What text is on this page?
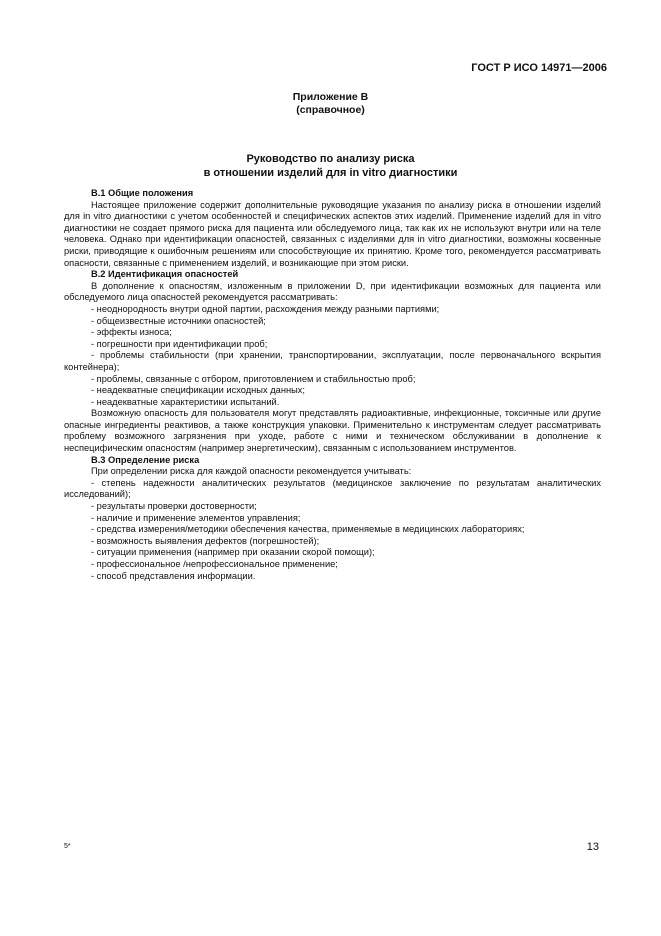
ГОСТ Р ИСО 14971—2006
Приложение B
(справочное)
Руководство по анализу риска
в отношении изделий для in vitro диагностики

B.1 Общие положения

Настоящее приложение содержит дополнительные руководящие указания по анализу риска в отношении изделий для in vitro диагностики с учетом особенностей и специфических аспектов этих изделий. Применение изделий для in vitro диагностики не создает прямого риска для пациента или обследуемого лица, так как их не используют внутри или на теле человека. Однако при идентификации опасностей, связанных с изделиями для in vitro диагностики, возможны косвенные риски, приводящие к ошибочным решениям или способствующие их принятию. Кроме того, рекомендуется рассматривать опасности, связанные с применением изделий, и возникающие при этом риски.

B.2 Идентификация опасностей

В дополнение к опасностям, изложенным в приложении D, при идентификации возможных для пациента или обследуемого лица опасностей рекомендуется рассматривать:

- неоднородность внутри одной партии, расхождения между разными партиями;

- общеизвестные источники опасностей;

- эффекты износа;

- погрешности при идентификации проб;

- проблемы стабильности (при хранении, транспортировании, эксплуатации, после первоначального вскрытия контейнера);

- проблемы, связанные с отбором, приготовлением и стабильностью проб;

- неадекватные спецификации исходных данных;

- неадекватные характеристики испытаний.

Возможную опасность для пользователя могут представлять радиоактивные, инфекционные, токсичные или другие опасные ингредиенты реактивов, а также конструкция упаковки. Применительно к инструментам следует рассматривать проблему возможного загрязнения при уходе, работе с ними и техническом обслуживании в дополнение к неспецифическим опасностям (например энергетическим), связанным с использованием инструментов.

B.3 Определение риска

При определении риска для каждой опасности рекомендуется учитывать:

- степень надежности аналитических результатов (медицинское заключение по результатам аналитических исследований);

- результаты проверки достоверности;

- наличие и применение элементов управления;

- средства измерения/методики обеспечения качества, применяемые в медицинских лабораториях;

- возможность выявления дефектов (погрешностей);

- ситуации применения (например при оказании скорой помощи);

- профессиональное /непрофессиональное применение;

- способ представления информации.

5*	13
